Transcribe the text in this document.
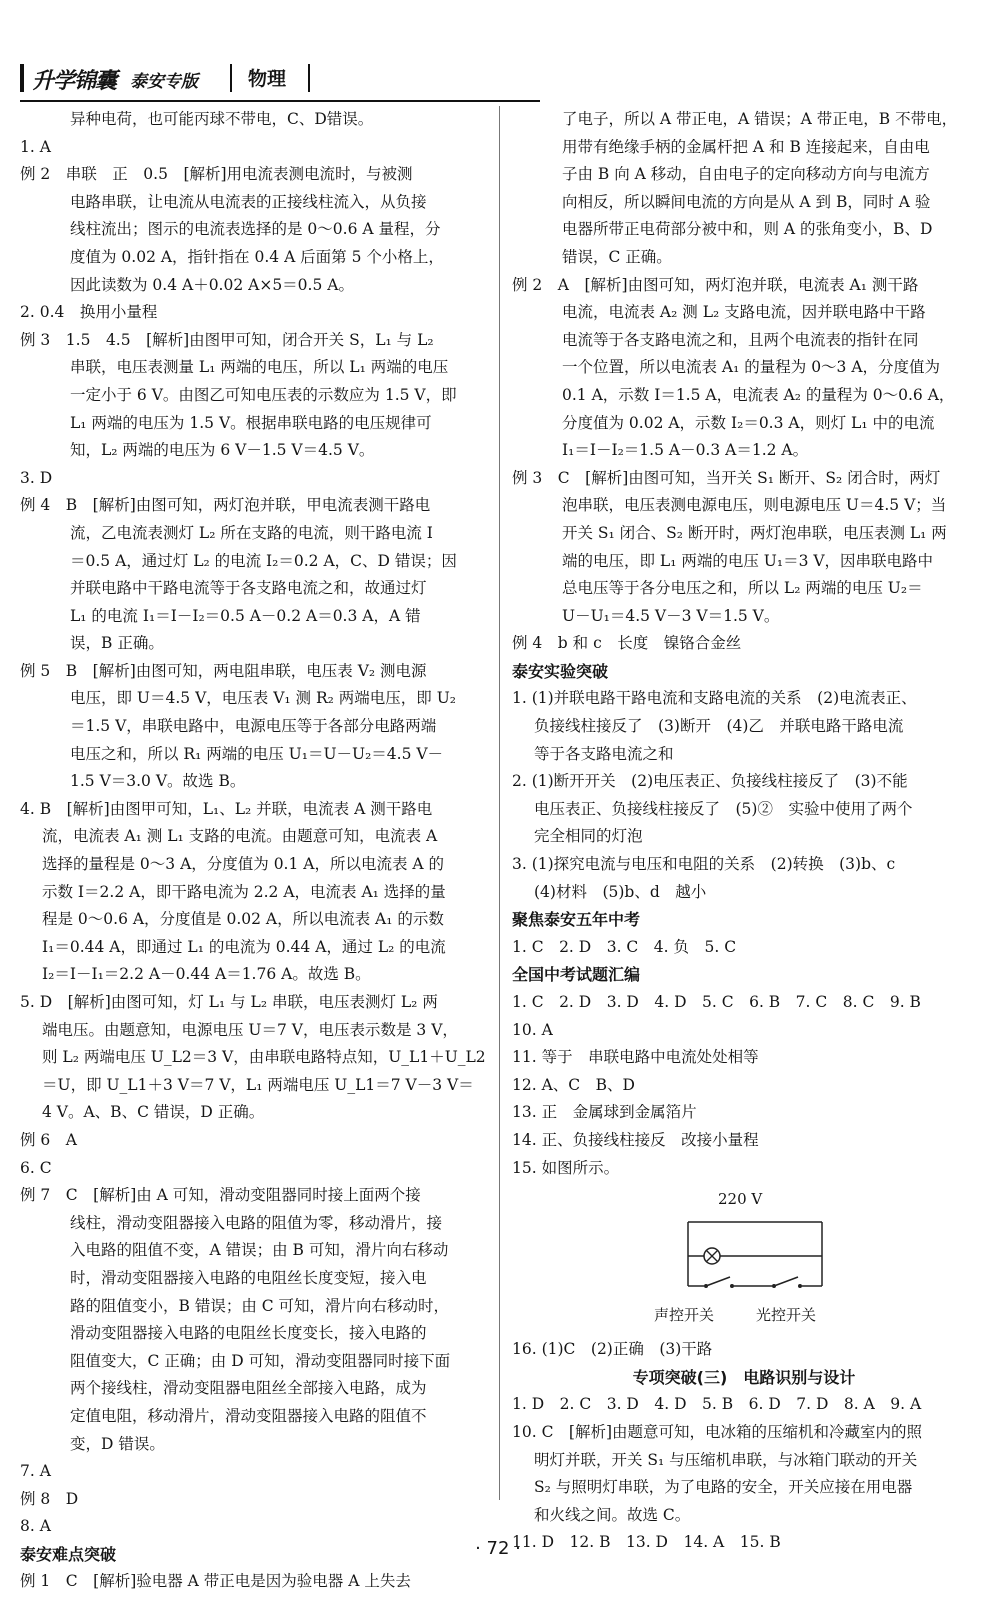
升学锦囊 泰安专版	物理
异种电荷，也可能丙球不带电，C、D错误。
1. A
例 2　串联　正　0.5　[解析]用电流表测电流时，与被测
电路串联，让电流从电流表的正接线柱流入，从负接
线柱流出；图示的电流表选择的是 0～0.6 A 量程，分
度值为 0.02 A，指针指在 0.4 A 后面第 5 个小格上，
因此读数为 0.4 A＋0.02 A×5＝0.5 A。
2. 0.4　换用小量程
例 3　1.5　4.5　[解析]由图甲可知，闭合开关 S，L₁ 与 L₂
串联，电压表测量 L₁ 两端的电压，所以 L₁ 两端的电压
一定小于 6 V。由图乙可知电压表的示数应为 1.5 V，即
L₁ 两端的电压为 1.5 V。根据串联电路的电压规律可
知，L₂ 两端的电压为 6 V－1.5 V＝4.5 V。
3. D
例 4　B　[解析]由图可知，两灯泡并联，甲电流表测干路电
流，乙电流表测灯 L₂ 所在支路的电流，则干路电流 I
＝0.5 A，通过灯 L₂ 的电流 I₂＝0.2 A，C、D 错误；因
并联电路中干路电流等于各支路电流之和，故通过灯
L₁ 的电流 I₁＝I－I₂＝0.5 A－0.2 A＝0.3 A，A 错
误，B 正确。
例 5　B　[解析]由图可知，两电阻串联，电压表 V₂ 测电源
电压，即 U＝4.5 V，电压表 V₁ 测 R₂ 两端电压，即 U₂
＝1.5 V，串联电路中，电源电压等于各部分电路两端
电压之和，所以 R₁ 两端的电压 U₁＝U－U₂＝4.5 V－
1.5 V＝3.0 V。故选 B。
4. B　[解析]由图甲可知，L₁、L₂ 并联，电流表 A 测干路电
流，电流表 A₁ 测 L₁ 支路的电流。由题意可知，电流表 A
选择的量程是 0～3 A，分度值为 0.1 A，所以电流表 A 的
示数 I＝2.2 A，即干路电流为 2.2 A，电流表 A₁ 选择的量
程是 0～0.6 A，分度值是 0.02 A，所以电流表 A₁ 的示数
I₁＝0.44 A，即通过 L₁ 的电流为 0.44 A，通过 L₂ 的电流
I₂＝I－I₁＝2.2 A－0.44 A＝1.76 A。故选 B。
5. D　[解析]由图可知，灯 L₁ 与 L₂ 串联，电压表测灯 L₂ 两
端电压。由题意知，电源电压 U＝7 V，电压表示数是 3 V，
则 L₂ 两端电压 U_L2＝3 V，由串联电路特点知，U_L1＋U_L2
＝U，即 U_L1＋3 V＝7 V，L₁ 两端电压 U_L1＝7 V－3 V＝
4 V。A、B、C 错误，D 正确。
例 6　A
6. C
例 7　C　[解析]由 A 可知，滑动变阻器同时接上面两个接
线柱，滑动变阻器接入电路的阻值为零，移动滑片，接
入电路的阻值不变，A 错误；由 B 可知，滑片向右移动
时，滑动变阻器接入电路的电阻丝长度变短，接入电
路的阻值变小，B 错误；由 C 可知，滑片向右移动时，
滑动变阻器接入电路的电阻丝长度变长，接入电路的
阻值变大，C 正确；由 D 可知，滑动变阻器同时接下面
两个接线柱，滑动变阻器电阻丝全部接入电路，成为
定值电阻，移动滑片，滑动变阻器接入电路的阻值不
变，D 错误。
7. A
例 8　D
8. A
泰安难点突破
例 1　C　[解析]验电器 A 带正电是因为验电器 A 上失去
了电子，所以 A 带正电，A 错误；A 带正电，B 不带电，
用带有绝缘手柄的金属杆把 A 和 B 连接起来，自由电
子由 B 向 A 移动，自由电子的定向移动方向与电流方
向相反，所以瞬间电流的方向是从 A 到 B，同时 A 验
电器所带正电荷部分被中和，则 A 的张角变小，B、D
错误，C 正确。
例 2　A　[解析]由图可知，两灯泡并联，电流表 A₁ 测干路
电流，电流表 A₂ 测 L₂ 支路电流，因并联电路中干路
电流等于各支路电流之和，且两个电流表的指针在同
一个位置，所以电流表 A₁ 的量程为 0～3 A，分度值为
0.1 A，示数 I＝1.5 A，电流表 A₂ 的量程为 0～0.6 A，
分度值为 0.02 A，示数 I₂＝0.3 A，则灯 L₁ 中的电流
I₁＝I－I₂＝1.5 A－0.3 A＝1.2 A。
例 3　C　[解析]由图可知，当开关 S₁ 断开、S₂ 闭合时，两灯
泡串联，电压表测电源电压，则电源电压 U＝4.5 V；当
开关 S₁ 闭合、S₂ 断开时，两灯泡串联，电压表测 L₁ 两
端的电压，即 L₁ 两端的电压 U₁＝3 V，因串联电路中
总电压等于各分电压之和，所以 L₂ 两端的电压 U₂＝
U－U₁＝4.5 V－3 V＝1.5 V。
例 4　b 和 c　长度　镍铬合金丝
泰安实验突破
1. (1)并联电路干路电流和支路电流的关系　(2)电流表正、
负接线柱接反了　(3)断开　(4)乙　并联电路干路电流
等于各支路电流之和
2. (1)断开开关　(2)电压表正、负接线柱接反了　(3)不能
电压表正、负接线柱接反了　(5)②　实验中使用了两个
完全相同的灯泡
3. (1)探究电流与电压和电阻的关系　(2)转换　(3)b、c
(4)材料　(5)b、d　越小
聚焦泰安五年中考
1. C　2. D　3. C　4. 负　5. C
全国中考试题汇编
1. C　2. D　3. D　4. D　5. C　6. B　7. C　8. C　9. B
10. A
11. 等于　串联电路中电流处处相等
12. A、C　B、D
13. 正　金属球到金属箔片
14. 正、负接线柱接反　改接小量程
15. 如图所示。
220 V
声控开关	光控开关
16. (1)C　(2)正确　(3)干路
专项突破(三)　电路识别与设计
1. D　2. C　3. D　4. D　5. B　6. D　7. D　8. A　9. A
10. C　[解析]由题意可知，电冰箱的压缩机和冷藏室内的照
明灯并联，开关 S₁ 与压缩机串联，与冰箱门联动的开关
S₂ 与照明灯串联，为了电路的安全，开关应接在用电器
和火线之间。故选 C。
11. D　12. B　13. D　14. A　15. B
· 72 ·
